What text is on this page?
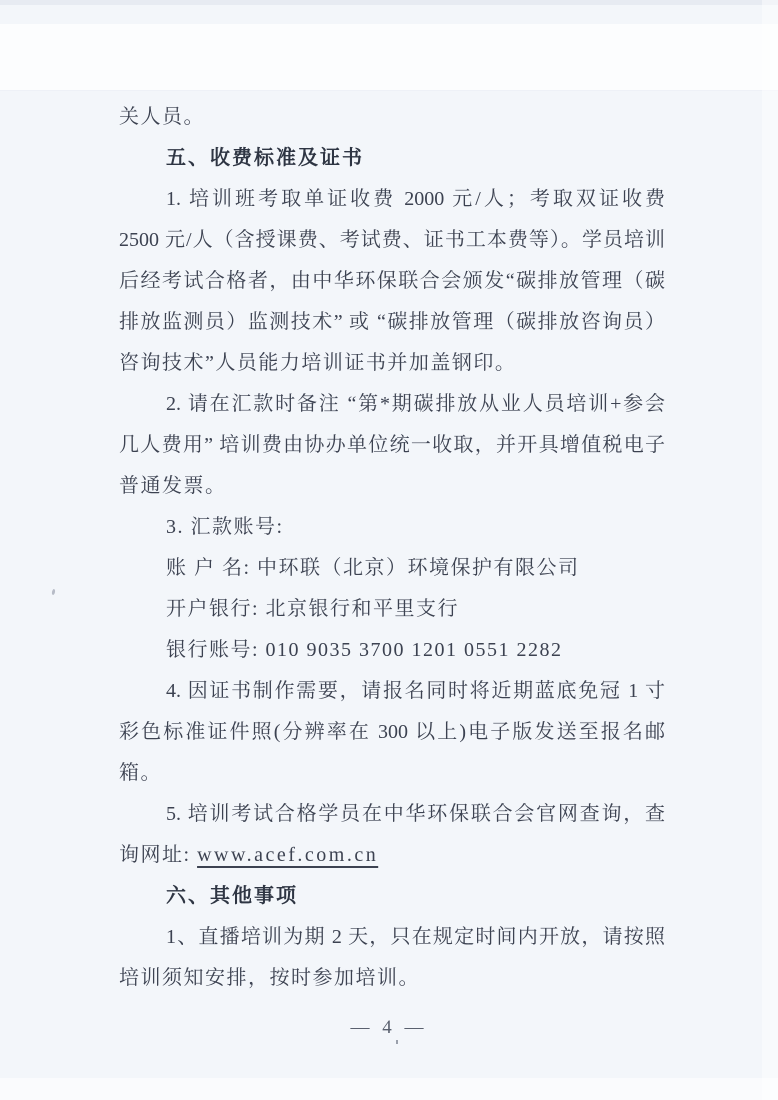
关人员。
五、收费标准及证书
1. 培训班考取单证收费 2000 元/人；考取双证收费
2500 元/人（含授课费、考试费、证书工本费等）。学员培训
后经考试合格者，由中华环保联合会颁发“碳排放管理（碳
排放监测员）监测技术” 或 “碳排放管理（碳排放咨询员）
咨询技术”人员能力培训证书并加盖钢印。
2. 请在汇款时备注 “第*期碳排放从业人员培训+参会
几人费用” 培训费由协办单位统一收取，并开具增值税电子
普通发票。
3. 汇款账号:
账 户 名: 中环联（北京）环境保护有限公司
开户银行: 北京银行和平里支行
银行账号: 010 9035 3700 1201 0551 2282
4. 因证书制作需要，请报名同时将近期蓝底免冠 1 寸
彩色标准证件照(分辨率在 300 以上)电子版发送至报名邮
箱。
5. 培训考试合格学员在中华环保联合会官网查询，查
询网址: www.acef.com.cn
六、其他事项
1、直播培训为期 2 天，只在规定时间内开放，请按照
培训须知安排，按时参加培训。
— 4 —
